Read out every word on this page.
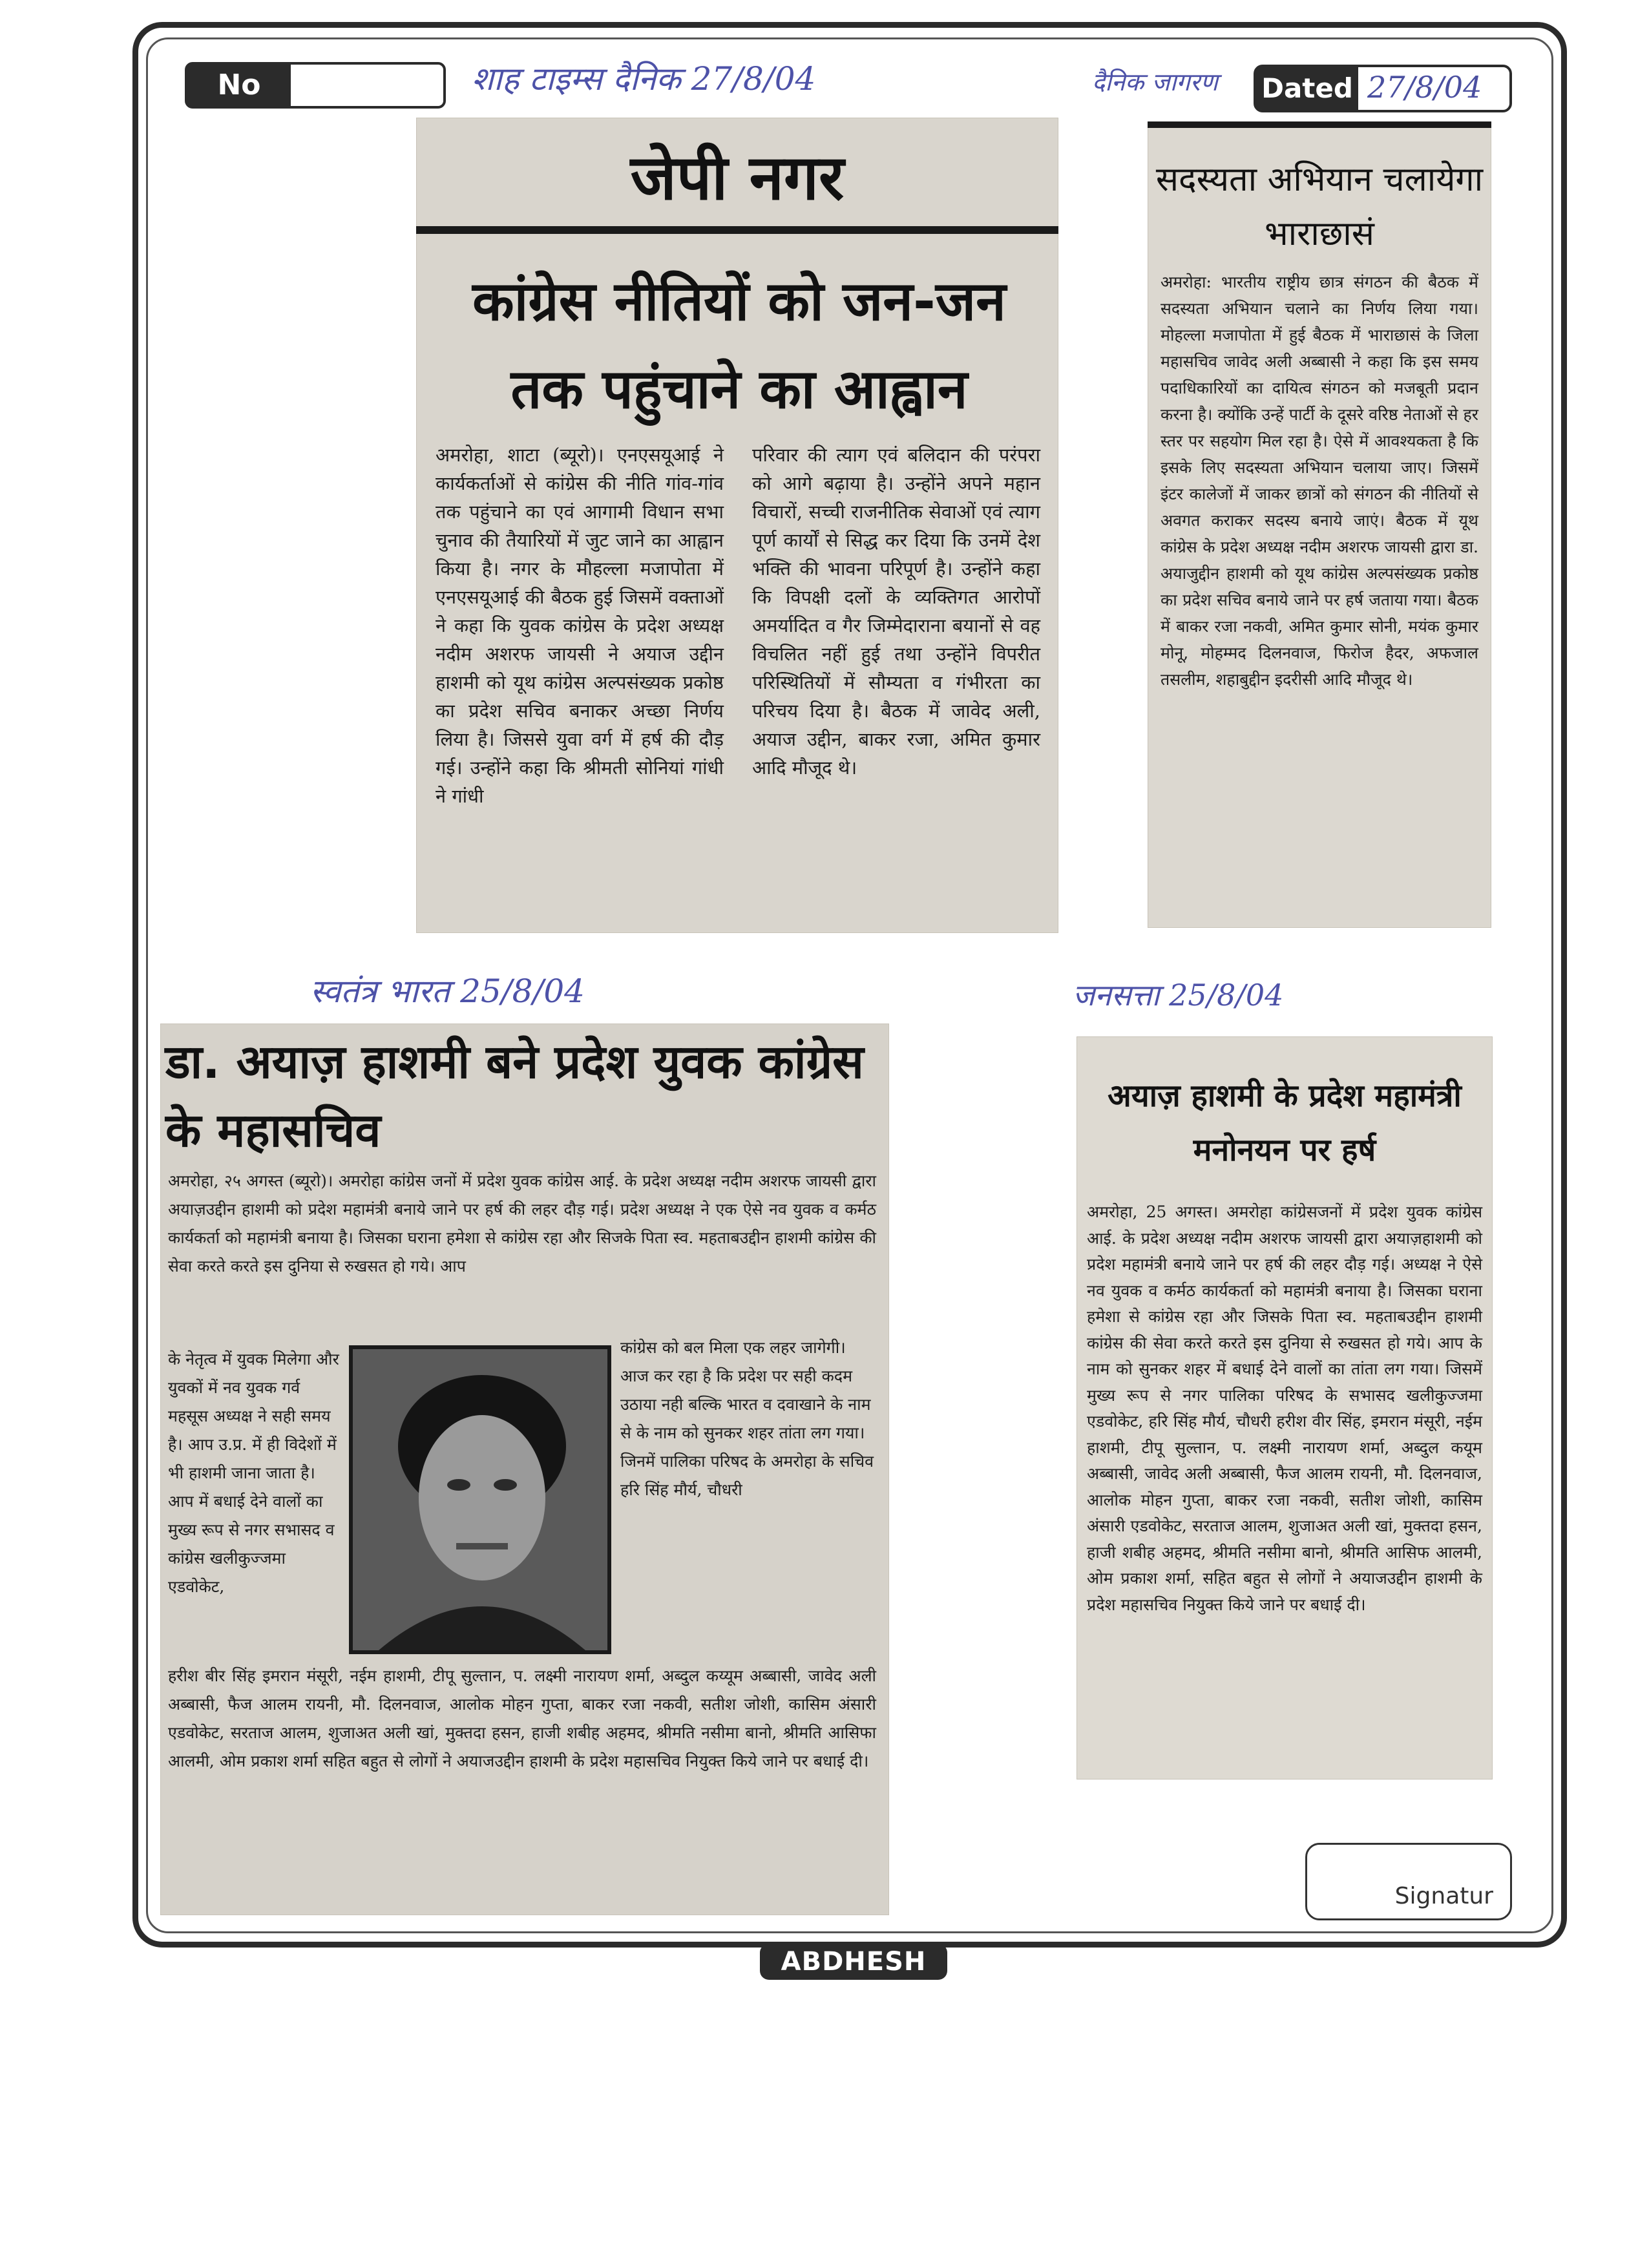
No	शाह टाइम्स दैनिक 27/8/04	दैनिक जागरण Dated 27/8/04
जेपी नगर
कांग्रेस नीतियों को जन-जन तक पहुंचाने का आह्वान
अमरोहा, शाटा (ब्यूरो)। एनएसयूआई ने कार्यकर्ताओं से कांग्रेस की नीति गांव-गांव तक पहुंचाने का एवं आगामी विधान सभा चुनाव की तैयारियों में जुट जाने का आह्वान किया है। नगर के मौहल्ला मजापोता में एनएसयूआई की बैठक हुई जिसमें वक्ताओं ने कहा कि युवक कांग्रेस के प्रदेश अध्यक्ष नदीम अशरफ जायसी ने अयाज उद्दीन हाशमी को यूथ कांग्रेस अल्पसंख्यक प्रकोष्ठ का प्रदेश सचिव बनाकर अच्छा निर्णय लिया है। जिससे युवा वर्ग में हर्ष की दौड़ गई। उन्होंने कहा कि श्रीमती सोनियां गांधी ने गांधी
परिवार की त्याग एवं बलिदान की परंपरा को आगे बढ़ाया है। उन्होंने अपने महान विचारों, सच्ची राजनीतिक सेवाओं एवं त्याग पूर्ण कार्यों से सिद्ध कर दिया कि उनमें देश भक्ति की भावना परिपूर्ण है। उन्होंने कहा कि विपक्षी दलों के व्यक्तिगत आरोपों अमर्यादित व गैर जिम्मेदाराना बयानों से वह विचलित नहीं हुई तथा उन्होंने विपरीत परिस्थितियों में सौम्यता व गंभीरता का परिचय दिया है। बैठक में जावेद अली, अयाज उद्दीन, बाकर रजा, अमित कुमार आदि मौजूद थे।
सदस्यता अभियान चलायेगा भाराछासं
अमरोहा: भारतीय राष्ट्रीय छात्र संगठन की बैठक में सदस्यता अभियान चलाने का निर्णय लिया गया। मोहल्ला मजापोता में हुई बैठक में भाराछासं के जिला महासचिव जावेद अली अब्बासी ने कहा कि इस समय पदाधिकारियों का दायित्व संगठन को मजबूती प्रदान करना है। क्योंकि उन्हें पार्टी के दूसरे वरिष्ठ नेताओं से हर स्तर पर सहयोग मिल रहा है। ऐसे में आवश्यकता है कि इसके लिए सदस्यता अभियान चलाया जाए। जिसमें इंटर कालेजों में जाकर छात्रों को संगठन की नीतियों से अवगत कराकर सदस्य बनाये जाएं। बैठक में यूथ कांग्रेस के प्रदेश अध्यक्ष नदीम अशरफ जायसी द्वारा डा. अयाजुद्दीन हाशमी को यूथ कांग्रेस अल्पसंख्यक प्रकोष्ठ का प्रदेश सचिव बनाये जाने पर हर्ष जताया गया। बैठक में बाकर रजा नकवी, अमित कुमार सोनी, मयंक कुमार मोनू, मोहम्मद दिलनवाज, फिरोज हैदर, अफजाल तसलीम, शहाबुद्दीन इदरीसी आदि मौजूद थे।
स्वतंत्र भारत 25/8/04	जनसत्ता 25/8/04
डा. अयाज़ हाशमी बने प्रदेश युवक कांग्रेस के महासचिव
अमरोहा, २५ अगस्त (ब्यूरो)। अमरोहा कांग्रेस जनों में प्रदेश युवक कांग्रेस आई. के प्रदेश अध्यक्ष नदीम अशरफ जायसी द्वारा अयाज़उद्दीन हाशमी को प्रदेश महामंत्री बनाये जाने पर हर्ष की लहर दौड़ गई। प्रदेश अध्यक्ष ने एक ऐसे नव युवक व कर्मठ कार्यकर्ता को महामंत्री बनाया है। जिसका घराना हमेशा से कांग्रेस रहा और सिजके पिता स्व. महताबउद्दीन हाशमी कांग्रेस की सेवा करते करते इस दुनिया से रुखसत हो गये। आप
के नेतृत्व में युवक मिलेगा और युवकों में नव युवक गर्व महसूस अध्यक्ष ने सही समय है। आप उ.प्र. में ही विदेशों में भी हाशमी जाना जाता है। आप में बधाई देने वालों का मुख्य रूप से नगर सभासद व कांग्रेस खलीकुज्जमा एडवोकेट,
कांग्रेस को बल मिला एक लहर जागेगी। आज कर रहा है कि प्रदेश पर सही कदम उठाया नही बल्कि भारत व दवाखाने के नाम से के नाम को सुनकर शहर तांता लग गया। जिनमें पालिका परिषद के अमरोहा के सचिव हरि सिंह मौर्य, चौधरी
हरीश बीर सिंह इमरान मंसूरी, नईम हाशमी, टीपू सुल्तान, प. लक्ष्मी नारायण शर्मा, अब्दुल कय्यूम अब्बासी, जावेद अली अब्बासी, फैज आलम रायनी, मौ. दिलनवाज, आलोक मोहन गुप्ता, बाकर रजा नकवी, सतीश जोशी, कासिम अंसारी एडवोकेट, सरताज आलम, शुजाअत अली खां, मुक्तदा हसन, हाजी शबीह अहमद, श्रीमति नसीमा बानो, श्रीमति आसिफा आलमी, ओम प्रकाश शर्मा सहित बहुत से लोगों ने अयाजउद्दीन हाशमी के प्रदेश महासचिव नियुक्त किये जाने पर बधाई दी।
अयाज़ हाशमी के प्रदेश महामंत्री मनोनयन पर हर्ष
अमरोहा, 25 अगस्त। अमरोहा कांग्रेसजनों में प्रदेश युवक कांग्रेस आई. के प्रदेश अध्यक्ष नदीम अशरफ जायसी द्वारा अयाज़हाशमी को प्रदेश महामंत्री बनाये जाने पर हर्ष की लहर दौड़ गई। अध्यक्ष ने ऐसे नव युवक व कर्मठ कार्यकर्ता को महामंत्री बनाया है। जिसका घराना हमेशा से कांग्रेस रहा और जिसके पिता स्व. महताबउद्दीन हाशमी कांग्रेस की सेवा करते करते इस दुनिया से रुखसत हो गये। आप के नाम को सुनकर शहर में बधाई देने वालों का तांता लग गया। जिसमें मुख्य रूप से नगर पालिका परिषद के सभासद खलीकुज्जमा एडवोकेट, हरि सिंह मौर्य, चौधरी हरीश वीर सिंह, इमरान मंसूरी, नईम हाशमी, टीपू सुल्तान, प. लक्ष्मी नारायण शर्मा, अब्दुल कयूम अब्बासी, जावेद अली अब्बासी, फैज आलम रायनी, मौ. दिलनवाज, आलोक मोहन गुप्ता, बाकर रजा नकवी, सतीश जोशी, कासिम अंसारी एडवोकेट, सरताज आलम, शुजाअत अली खां, मुक्तदा हसन, हाजी शबीह अहमद, श्रीमति नसीमा बानो, श्रीमति आसिफ आलमी, ओम प्रकाश शर्मा, सहित बहुत से लोगों ने अयाजउद्दीन हाशमी के प्रदेश महासचिव नियुक्त किये जाने पर बधाई दी।
Signatur
ABDHESH
